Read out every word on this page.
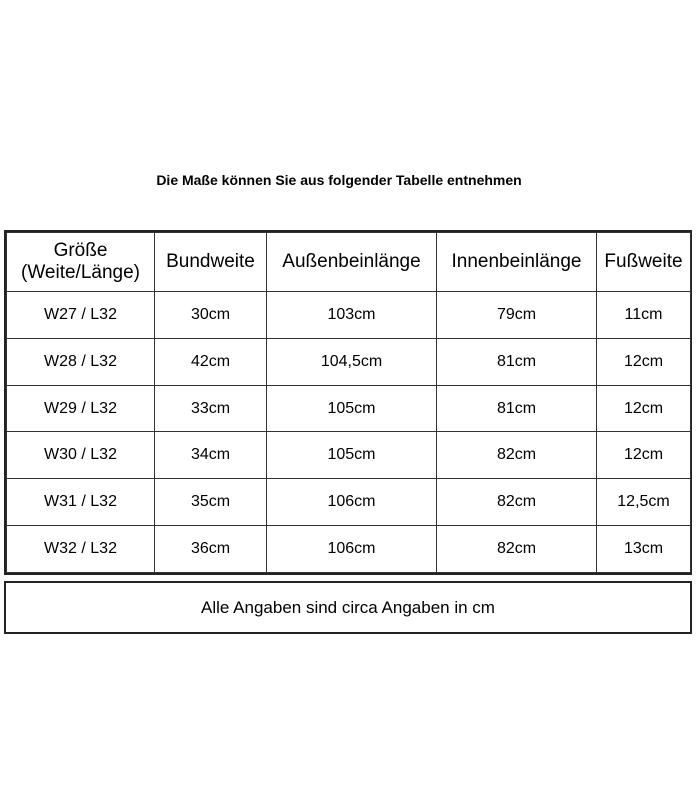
Die Maße können Sie aus folgender Tabelle entnehmen
Größe
(Weite/Länge)	Bundweite	Außenbeinlänge	Innenbeinlänge	Fußweite
W27 / L32	30cm	103cm	79cm	11cm
W28 / L32	42cm	104,5cm	81cm	12cm
W29 / L32	33cm	105cm	81cm	12cm
W30 / L32	34cm	105cm	82cm	12cm
W31 / L32	35cm	106cm	82cm	12,5cm
W32 / L32	36cm	106cm	82cm	13cm
Alle Angaben sind circa Angaben in cm
